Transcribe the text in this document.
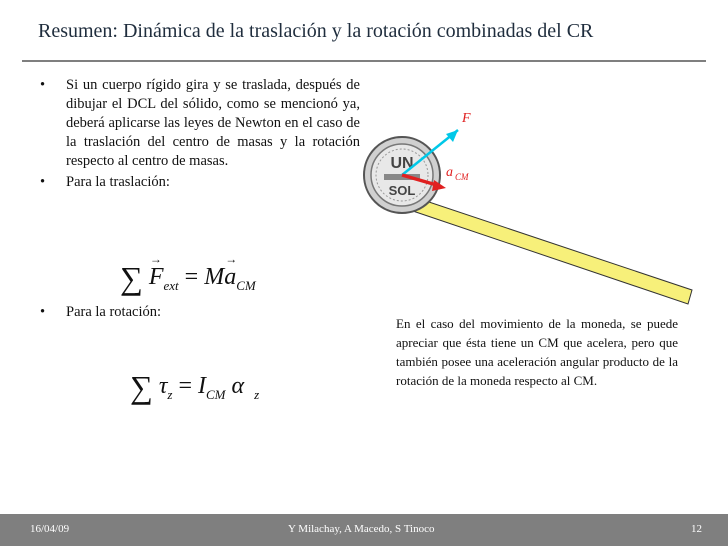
Resumen: Dinámica de la traslación y la rotación combinadas del CR
• Si un cuerpo rígido gira y se traslada, después de dibujar el DCL del sólido, como se mencionó ya, deberá aplicarse las leyes de Newton en el caso de la traslación del centro de masas y la rotación respecto al centro de masas.
• Para la traslación:
• Para la rotación:
∑ → $F_{ext} = M\to a_{CM}$
∑ $\tau_z = I_{CM}$ α $_z$
UN
SOL
F
a CM
En el caso del movimiento de la moneda, se puede apreciar que ésta tiene un CM que acelera, pero que también posee una aceleración angular producto de la rotación de la moneda respecto al CM.
16/04/09	Y Milachay, A Macedo, S Tinoco	12
